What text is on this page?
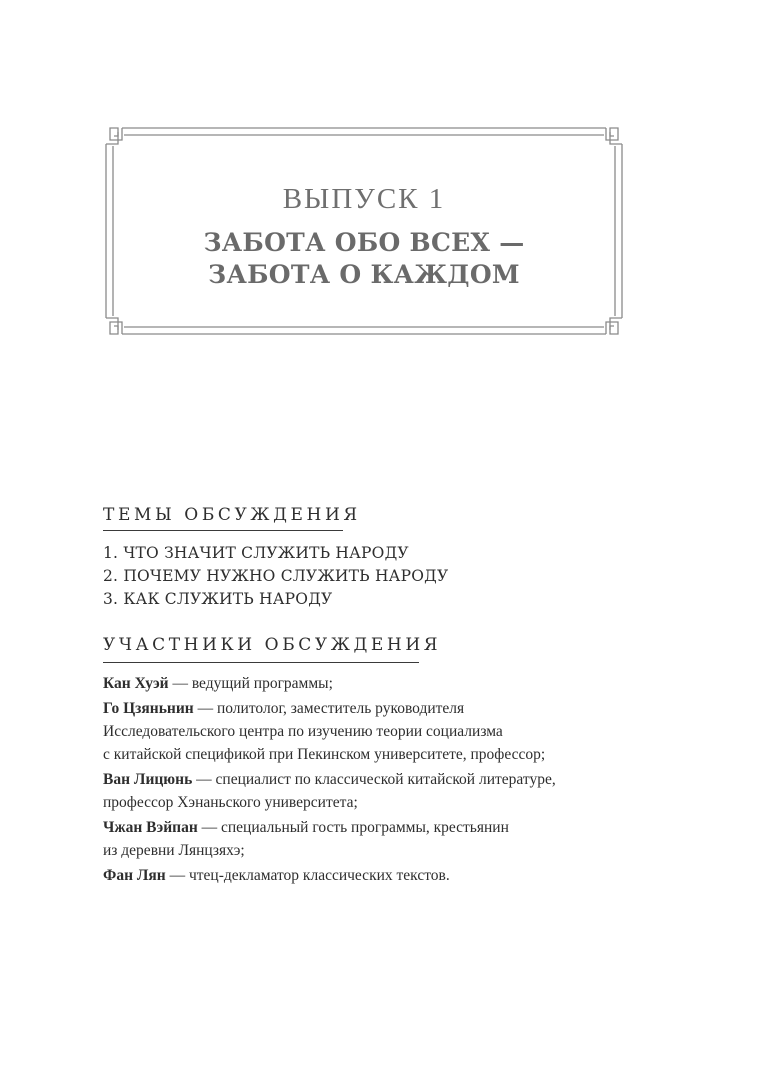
ВЫПУСК 1
ЗАБОТА ОБО ВСЕХ —
ЗАБОТА О КАЖДОМ
ТЕМЫ ОБСУЖДЕНИЯ
1. ЧТО ЗНАЧИТ СЛУЖИТЬ НАРОДУ
2. ПОЧЕМУ НУЖНО СЛУЖИТЬ НАРОДУ
3. КАК СЛУЖИТЬ НАРОДУ
УЧАСТНИКИ ОБСУЖДЕНИЯ
Кан Хуэй — ведущий программы;
Го Цзяньнин — политолог, заместитель руководителя
Исследовательского центра по изучению теории социализма
с китайской спецификой при Пекинском университете, профессор;
Ван Лицюнь — специалист по классической китайской литературе,
профессор Хэнаньского университета;
Чжан Вэйпан — специальный гость программы, крестьянин
из деревни Лянцзяхэ;
Фан Лян — чтец-декламатор классических текстов.
